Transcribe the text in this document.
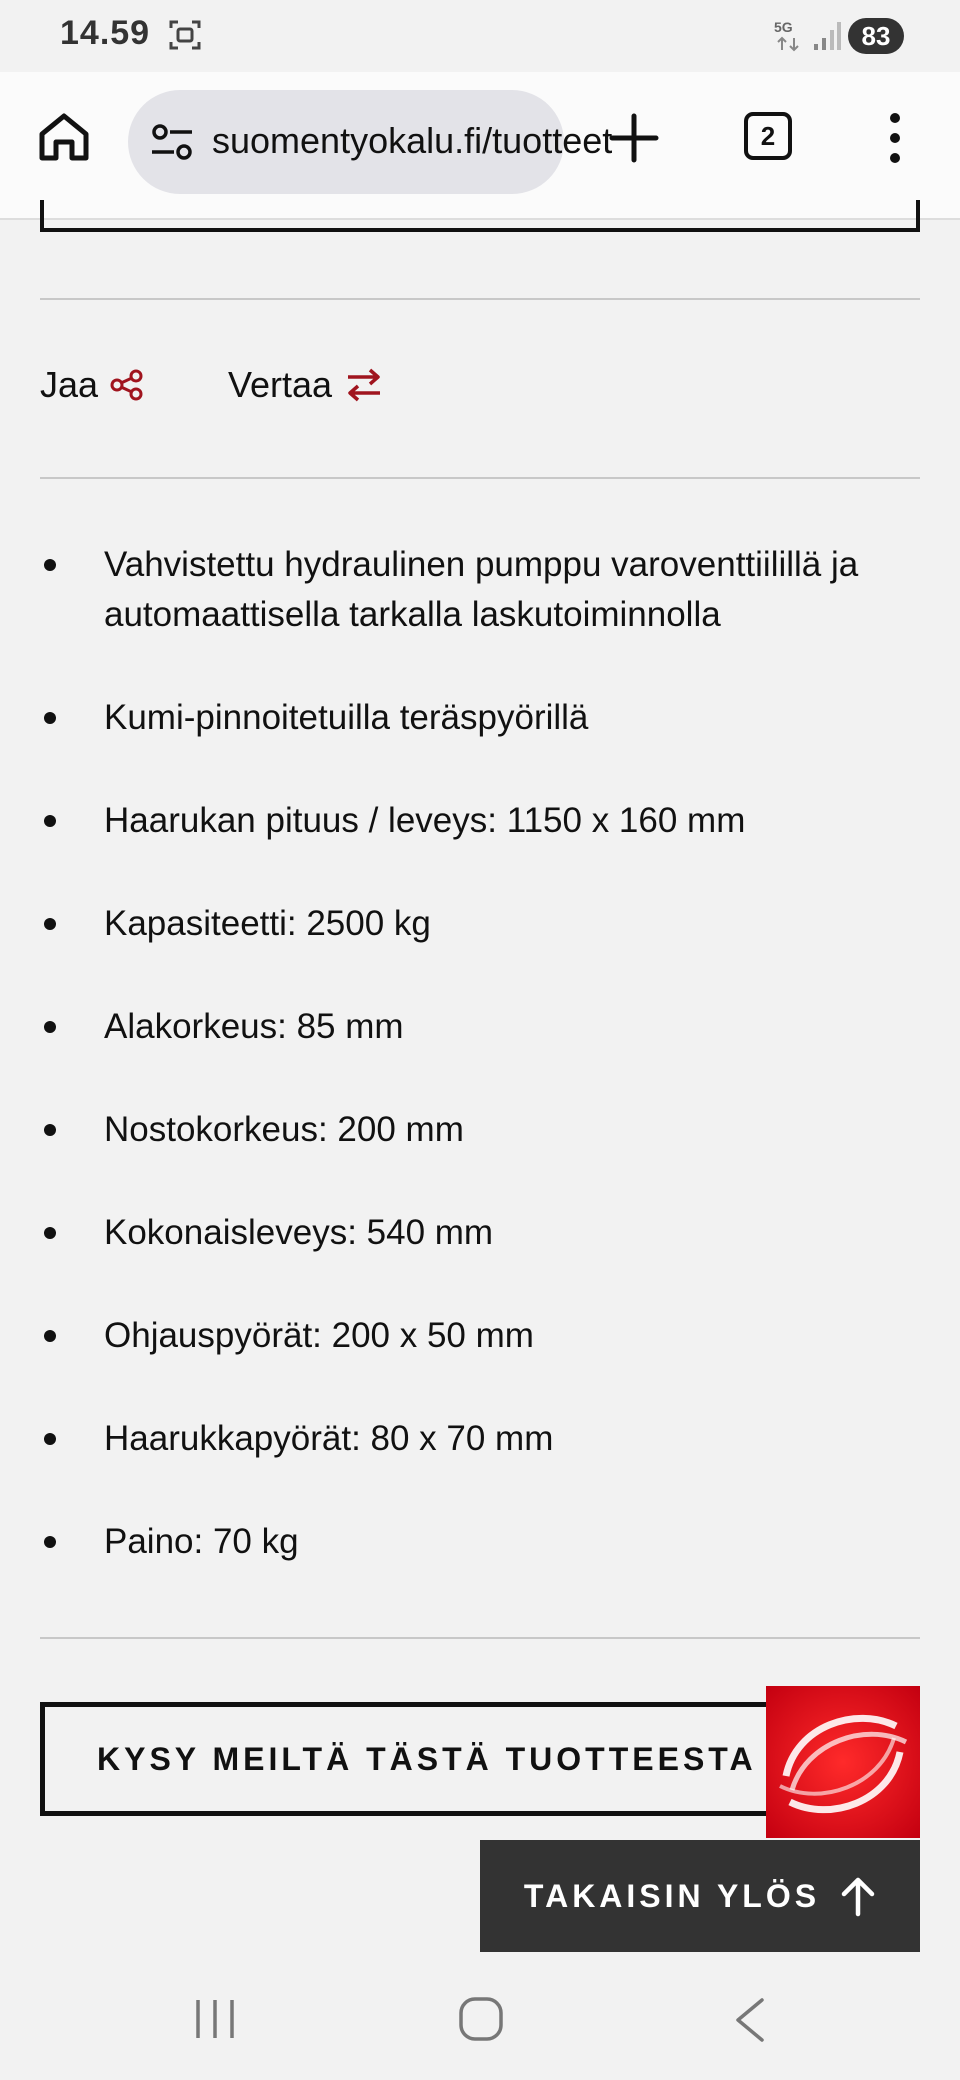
14.59	5G	83
suomentyokalu.fi/tuotteet	2
Jaa	Vertaa
Vahvistettu hydraulinen pumppu varoventtiilillä ja automaattisella tarkalla laskutoiminnolla
Kumi-pinnoitetuilla teräspyörillä
Haarukan pituus / leveys: 1150 x 160 mm
Kapasiteetti: 2500 kg
Alakorkeus: 85 mm
Nostokorkeus: 200 mm
Kokonaisleveys: 540 mm
Ohjauspyörät: 200 x 50 mm
Haarukkapyörät: 80 x 70 mm
Paino: 70 kg
KYSY MEILTÄ TÄSTÄ TUOTTEESTA
TAKAISIN YLÖS
